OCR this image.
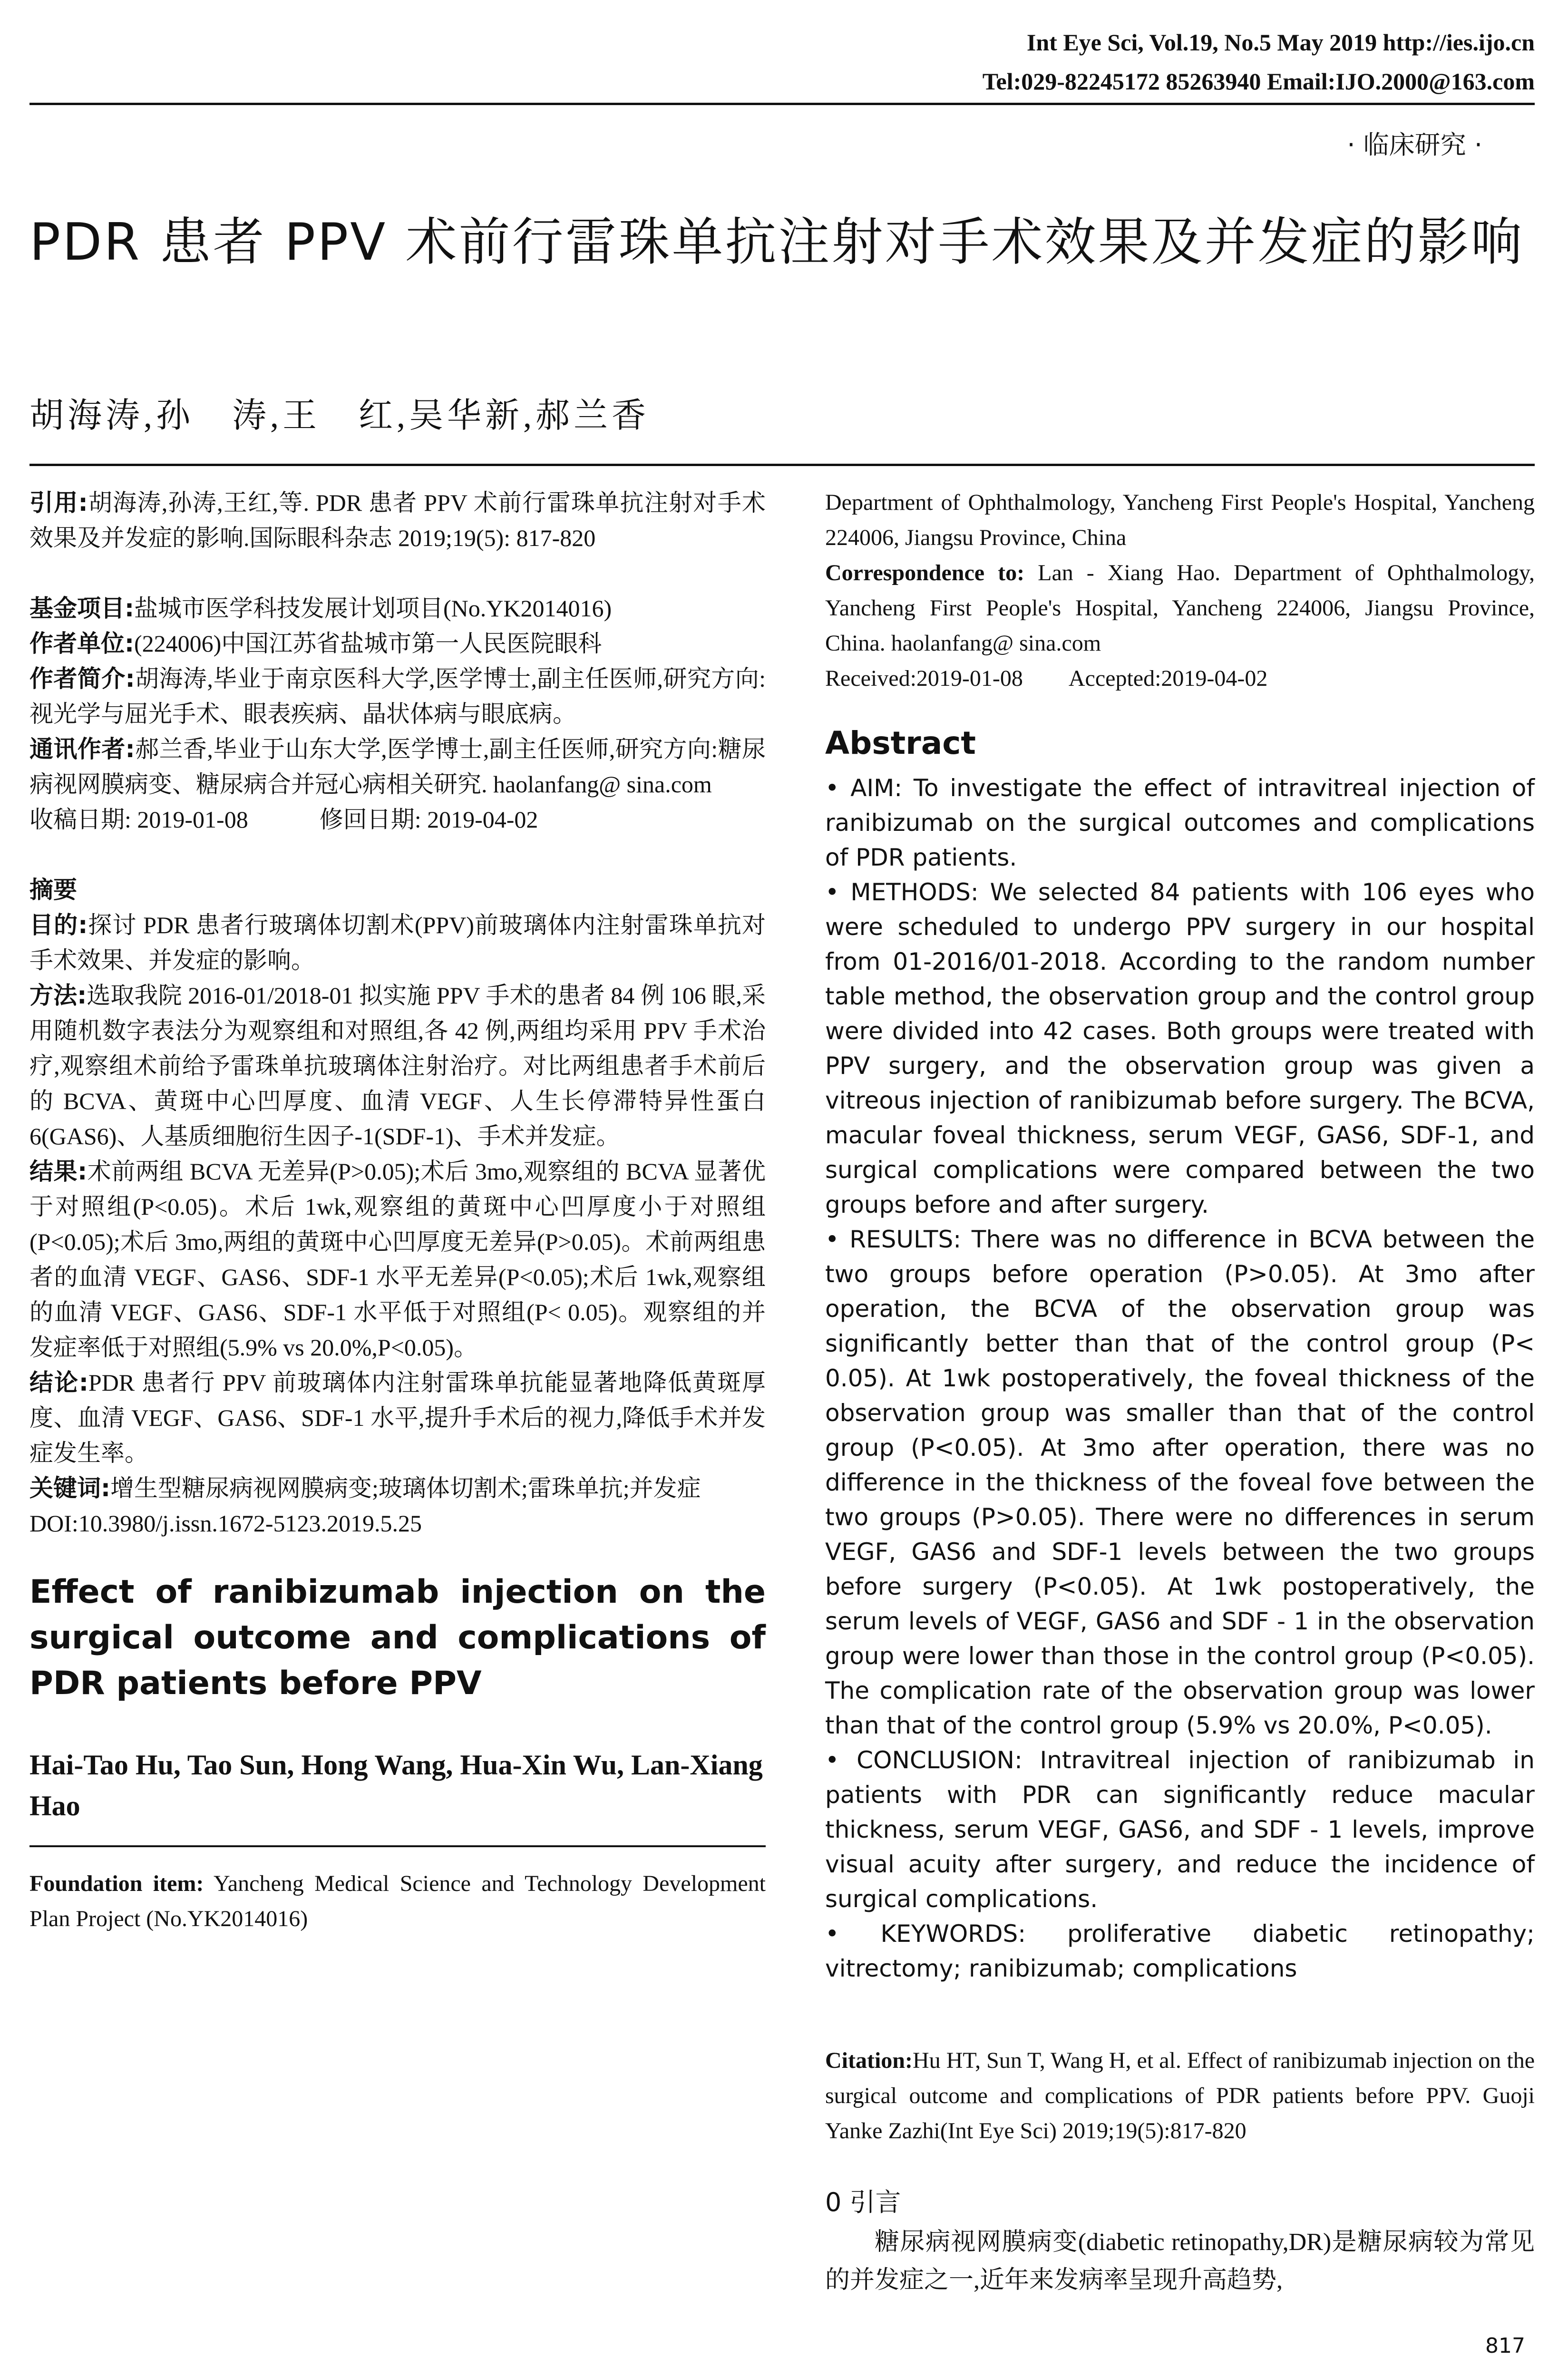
Int Eye Sci, Vol.19, No.5 May 2019 http://ies.ijo.cn
Tel:029-82245172 85263940 Email:IJO.2000@163.com
· 临床研究 ·
PDR 患者 PPV 术前行雷珠单抗注射对手术效果及并发症的影响
胡海涛,孙　涛,王　红,吴华新,郝兰香

引用:胡海涛,孙涛,王红,等. PDR 患者 PPV 术前行雷珠单抗注射对手术效果及并发症的影响.国际眼科杂志 2019;19(5): 817-820

基金项目:盐城市医学科技发展计划项目(No.YK2014016)

作者单位:(224006)中国江苏省盐城市第一人民医院眼科

作者简介:胡海涛,毕业于南京医科大学,医学博士,副主任医师,研究方向:视光学与屈光手术、眼表疾病、晶状体病与眼底病。

通讯作者:郝兰香,毕业于山东大学,医学博士,副主任医师,研究方向:糖尿病视网膜病变、糖尿病合并冠心病相关研究. haolanfang@ sina.com

收稿日期: 2019-01-08　　　修回日期: 2019-04-02

摘要

目的:探讨 PDR 患者行玻璃体切割术(PPV)前玻璃体内注射雷珠单抗对手术效果、并发症的影响。

方法:选取我院 2016-01/2018-01 拟实施 PPV 手术的患者 84 例 106 眼,采用随机数字表法分为观察组和对照组,各 42 例,两组均采用 PPV 手术治疗,观察组术前给予雷珠单抗玻璃体注射治疗。对比两组患者手术前后的 BCVA、黄斑中心凹厚度、血清 VEGF、人生长停滞特异性蛋白 6(GAS6)、人基质细胞衍生因子-1(SDF-1)、手术并发症。

结果:术前两组 BCVA 无差异(P>0.05);术后 3mo,观察组的 BCVA 显著优于对照组(P<0.05)。术后 1wk,观察组的黄斑中心凹厚度小于对照组(P<0.05);术后 3mo,两组的黄斑中心凹厚度无差异(P>0.05)。术前两组患者的血清 VEGF、GAS6、SDF-1 水平无差异(P<0.05);术后 1wk,观察组的血清 VEGF、GAS6、SDF-1 水平低于对照组(P< 0.05)。观察组的并发症率低于对照组(5.9% vs 20.0%,P<0.05)。

结论:PDR 患者行 PPV 前玻璃体内注射雷珠单抗能显著地降低黄斑厚度、血清 VEGF、GAS6、SDF-1 水平,提升手术后的视力,降低手术并发症发生率。

关键词:增生型糖尿病视网膜病变;玻璃体切割术;雷珠单抗;并发症

DOI:10.3980/j.issn.1672-5123.2019.5.25

Effect of ranibizumab injection on the surgical outcome and complications of PDR patients before PPV

Hai-Tao Hu, Tao Sun, Hong Wang, Hua-Xin Wu, Lan-Xiang Hao

Foundation item: Yancheng Medical Science and Technology Development Plan Project (No.YK2014016)

Department of Ophthalmology, Yancheng First People's Hospital, Yancheng 224006, Jiangsu Province, China

Correspondence to: Lan - Xiang Hao. Department of Ophthalmology, Yancheng First People's Hospital, Yancheng 224006, Jiangsu Province, China. haolanfang@ sina.com

Received:2019-01-08　　Accepted:2019-04-02

Abstract

• AIM: To investigate the effect of intravitreal injection of ranibizumab on the surgical outcomes and complications of PDR patients.

• METHODS: We selected 84 patients with 106 eyes who were scheduled to undergo PPV surgery in our hospital from 01-2016/01-2018. According to the random number table method, the observation group and the control group were divided into 42 cases. Both groups were treated with PPV surgery, and the observation group was given a vitreous injection of ranibizumab before surgery. The BCVA, macular foveal thickness, serum VEGF, GAS6, SDF-1, and surgical complications were compared between the two groups before and after surgery.

• RESULTS: There was no difference in BCVA between the two groups before operation (P>0.05). At 3mo after operation, the BCVA of the observation group was significantly better than that of the control group (P< 0.05). At 1wk postoperatively, the foveal thickness of the observation group was smaller than that of the control group (P<0.05). At 3mo after operation, there was no difference in the thickness of the foveal fove between the two groups (P>0.05). There were no differences in serum VEGF, GAS6 and SDF-1 levels between the two groups before surgery (P<0.05). At 1wk postoperatively, the serum levels of VEGF, GAS6 and SDF - 1 in the observation group were lower than those in the control group (P<0.05). The complication rate of the observation group was lower than that of the control group (5.9% vs 20.0%, P<0.05).

• CONCLUSION: Intravitreal injection of ranibizumab in patients with PDR can significantly reduce macular thickness, serum VEGF, GAS6, and SDF - 1 levels, improve visual acuity after surgery, and reduce the incidence of surgical complications.

• KEYWORDS: proliferative diabetic retinopathy; vitrectomy; ranibizumab; complications

Citation:Hu HT, Sun T, Wang H, et al. Effect of ranibizumab injection on the surgical outcome and complications of PDR patients before PPV. Guoji Yanke Zazhi(Int Eye Sci) 2019;19(5):817-820

0 引言

糖尿病视网膜病变(diabetic retinopathy,DR)是糖尿病较为常见的并发症之一,近年来发病率呈现升高趋势,

817
